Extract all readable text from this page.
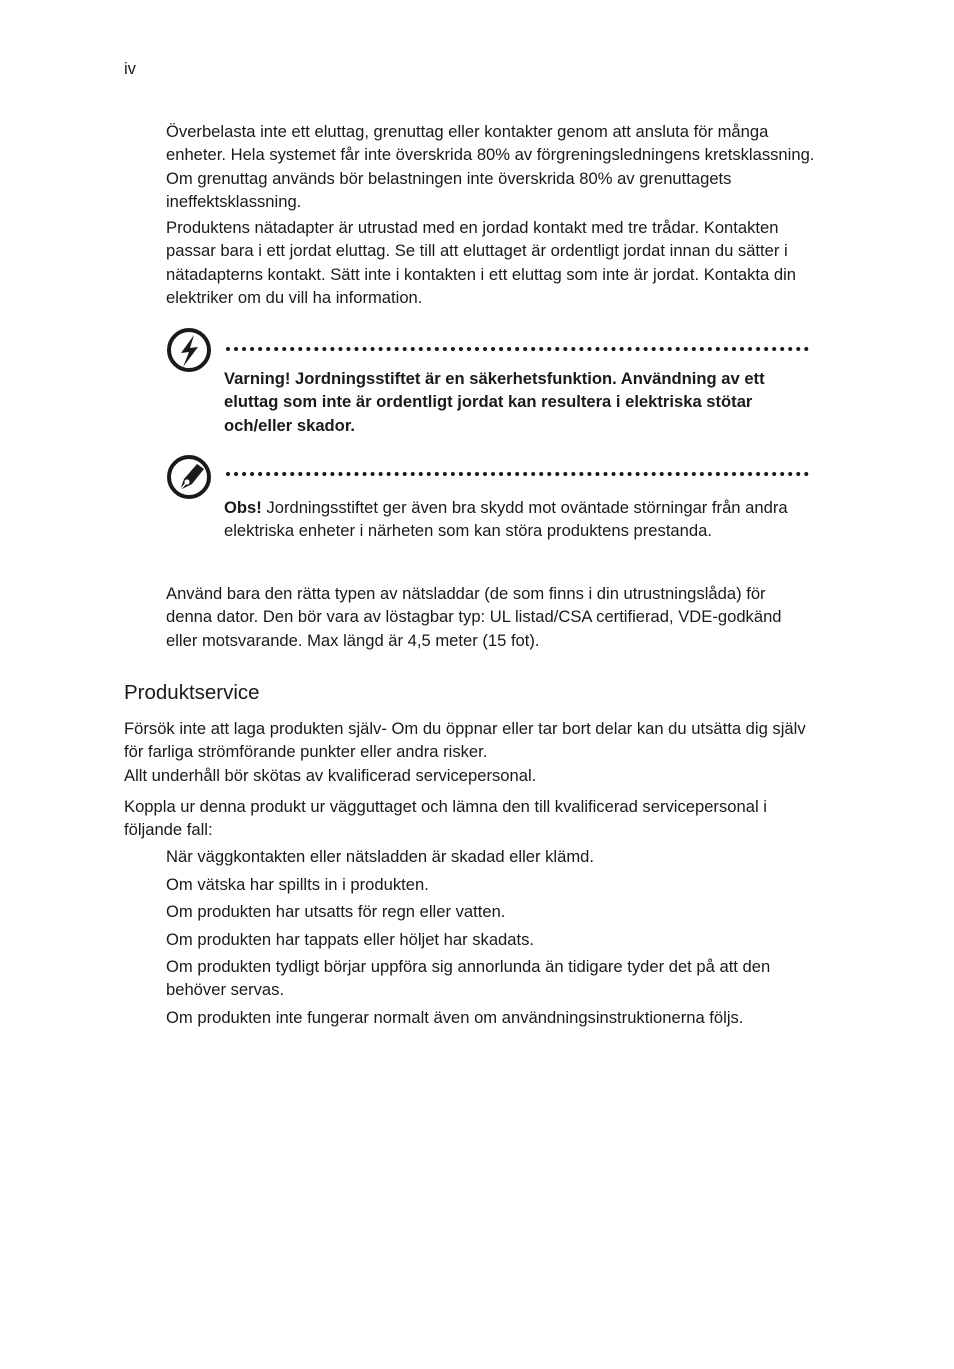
iv

Överbelasta inte ett eluttag, grenuttag eller kontakter genom att ansluta för många enheter. Hela systemet får inte överskrida 80% av förgreningsledningens kretsklassning. Om grenuttag används bör belastningen inte överskrida 80% av grenuttagets ineffektsklassning.

Produktens nätadapter är utrustad med en jordad kontakt med tre trådar. Kontakten passar bara i ett jordat eluttag. Se till att eluttaget är ordentligt jordat innan du sätter i nätadapterns kontakt. Sätt inte i kontakten i ett eluttag som inte är jordat. Kontakta din elektriker om du vill ha information.

Varning! Jordningsstiftet är en säkerhetsfunktion. Användning av ett eluttag som inte är ordentligt jordat kan resultera i elektriska stötar och/eller skador.

Obs! Jordningsstiftet ger även bra skydd mot oväntade störningar från andra elektriska enheter i närheten som kan störa produktens prestanda.

Använd bara den rätta typen av nätsladdar (de som finns i din utrustningslåda) för denna dator. Den bör vara av löstagbar typ: UL listad/CSA certifierad, VDE-godkänd eller motsvarande. Max längd är 4,5 meter (15 fot).

Produktservice
Försök inte att laga produkten själv- Om du öppnar eller tar bort delar kan du utsätta dig själv för farliga strömförande punkter eller andra risker.
Allt underhåll bör skötas av kvalificerad servicepersonal.

Koppla ur denna produkt ur vägguttaget och lämna den till kvalificerad servicepersonal i följande fall:

När väggkontakten eller nätsladden är skadad eller klämd.
Om vätska har spillts in i produkten.
Om produkten har utsatts för regn eller vatten.
Om produkten har tappats eller höljet har skadats.
Om produkten tydligt börjar uppföra sig annorlunda än tidigare tyder det på att den behöver servas.
Om produkten inte fungerar normalt även om användningsinstruktionerna följs.
